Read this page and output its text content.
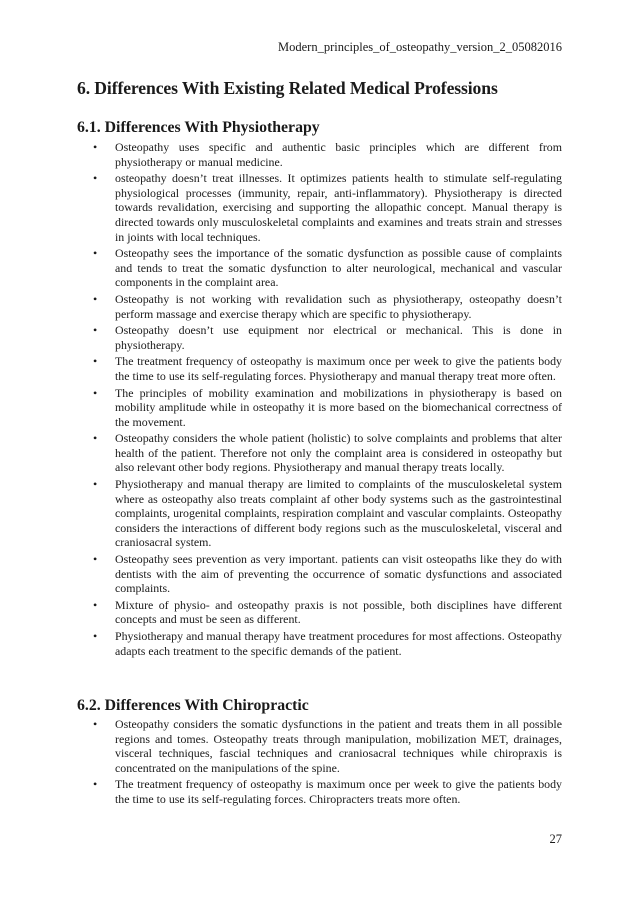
Modern_principles_of_osteopathy_version_2_05082016
6. Differences With Existing Related Medical Professions
6.1. Differences With Physiotherapy
• Osteopathy uses specific and authentic basic principles which are different from physiotherapy or manual medicine.
• osteopathy doesn’t treat illnesses. It optimizes patients health to stimulate self-regulating physiological processes (immunity, repair, anti-inflammatory). Physiotherapy is directed towards revalidation, exercising and supporting the allopathic concept. Manual therapy is directed towards only musculoskeletal complaints and examines and treats strain and stresses in joints with local techniques.
• Osteopathy sees the importance of the somatic dysfunction as possible cause of complaints and tends to treat the somatic dysfunction to alter neurological, mechanical and vascular components in the complaint area.
• Osteopathy is not working with revalidation such as physiotherapy, osteopathy doesn’t perform massage and exercise therapy which are specific to physiotherapy.
• Osteopathy doesn’t use equipment nor electrical or mechanical. This is done in physiotherapy.
• The treatment frequency of osteopathy is maximum once per week to give the patients body the time to use its self-regulating forces. Physiotherapy and manual therapy treat more often.
• The principles of mobility examination and mobilizations in physiotherapy is based on mobility amplitude while in osteopathy it is more based on the biomechanical correctness of the movement.
• Osteopathy considers the whole patient (holistic) to solve complaints and problems that alter health of the patient. Therefore not only the complaint area is considered in osteopathy but also relevant other body regions. Physiotherapy and manual therapy treats locally.
• Physiotherapy and manual therapy are limited to complaints of the musculoskeletal system where as osteopathy also treats complaint af other body systems such as the gastrointestinal complaints, urogenital complaints, respiration complaint and vascular complaints. Osteopathy considers the interactions of different body regions such as the musculoskeletal, visceral and craniosacral system.
• Osteopathy sees prevention as very important. patients can visit osteopaths like they do with dentists with the aim of preventing the occurrence of somatic dysfunctions and associated complaints.
• Mixture of physio- and osteopathy praxis is not possible, both disciplines have different concepts and must be seen as different.
• Physiotherapy and manual therapy have treatment procedures for most affections. Osteopathy adapts each treatment to the specific demands of the patient.
6.2. Differences With Chiropractic
• Osteopathy considers the somatic dysfunctions in the patient and treats them in all possible regions and tomes. Osteopathy treats through manipulation, mobilization MET, drainages, visceral techniques, fascial techniques and craniosacral techniques while chiropraxis is concentrated on the manipulations of the spine.
• The treatment frequency of osteopathy is maximum once per week to give the patients body the time to use its self-regulating forces. Chiropracters treats more often.
27
